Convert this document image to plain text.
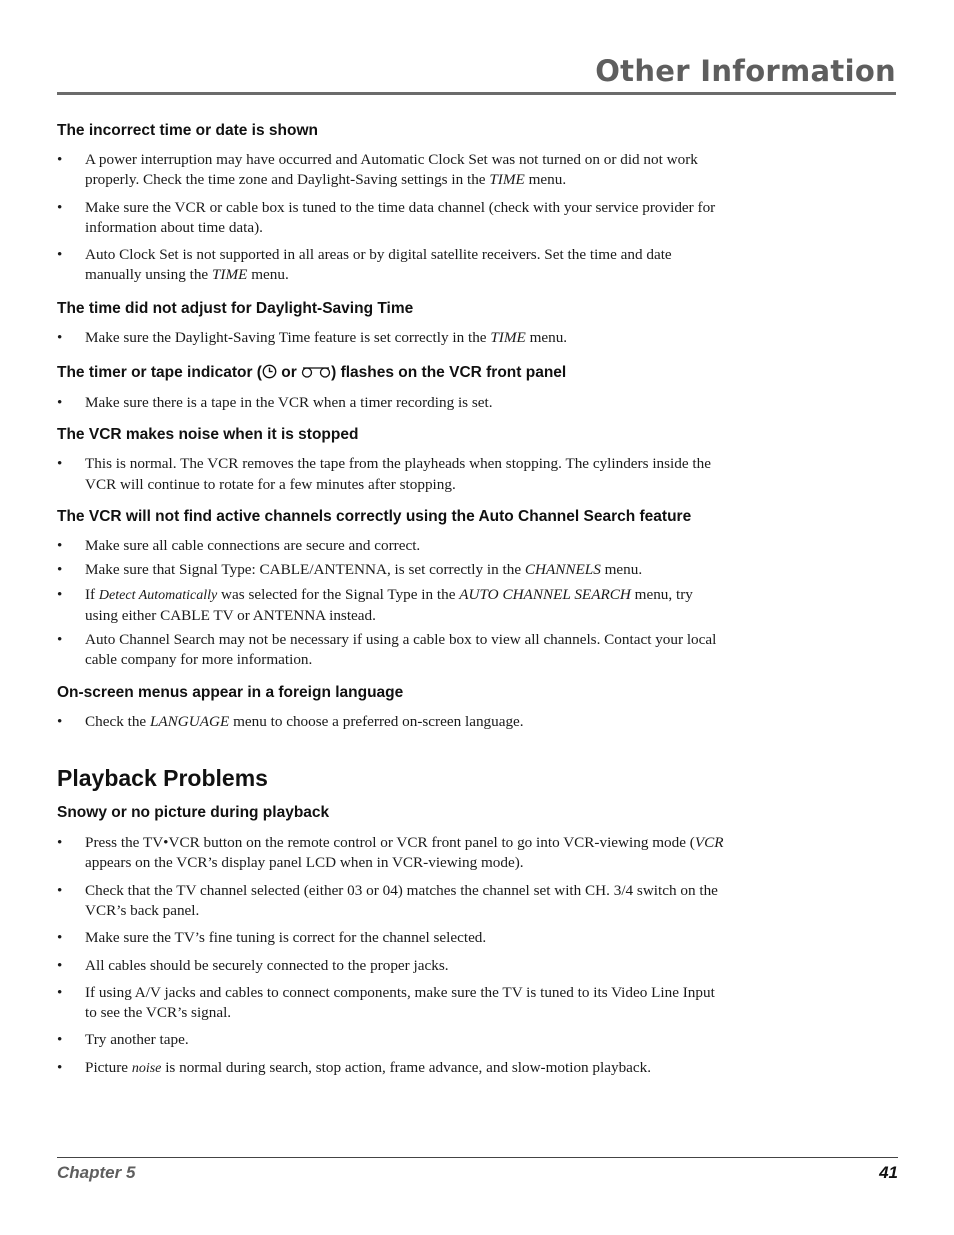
Other Information
The incorrect time or date is shown
• A power interruption may have occurred and Automatic Clock Set was not turned on or did not work properly. Check the time zone and Daylight-Saving settings in the TIME menu.
• Make sure the VCR or cable box is tuned to the time data channel (check with your service provider for information about time data).
• Auto Clock Set is not supported in all areas or by digital satellite receivers. Set the time and date manually unsing the TIME menu.
The time did not adjust for Daylight-Saving Time
• Make sure the Daylight-Saving Time feature is set correctly in the TIME menu.
The timer or tape indicator ( or ) flashes on the VCR front panel
• Make sure there is a tape in the VCR when a timer recording is set.
The VCR makes noise when it is stopped
• This is normal. The VCR removes the tape from the playheads when stopping. The cylinders inside the VCR will continue to rotate for a few minutes after stopping.
The VCR will not find active channels correctly using the Auto Channel Search feature
• Make sure all cable connections are secure and correct.
• Make sure that Signal Type: CABLE/ANTENNA, is set correctly in the CHANNELS menu.
• If Detect Automatically was selected for the Signal Type in the AUTO CHANNEL SEARCH menu, try using either CABLE TV or ANTENNA instead.
• Auto Channel Search may not be necessary if using a cable box to view all channels. Contact your local cable company for more information.
On-screen menus appear in a foreign language
• Check the LANGUAGE menu to choose a preferred on-screen language.
Playback Problems
Snowy or no picture during playback
• Press the TV•VCR button on the remote control or VCR front panel to go into VCR-viewing mode (VCR appears on the VCR’s display panel LCD when in VCR-viewing mode).
• Check that the TV channel selected (either 03 or 04) matches the channel set with CH. 3/4 switch on the VCR’s back panel.
• Make sure the TV’s fine tuning is correct for the channel selected.
• All cables should be securely connected to the proper jacks.
• If using A/V jacks and cables to connect components, make sure the TV is tuned to its Video Line Input to see the VCR’s signal.
• Try another tape.
• Picture noise is normal during search, stop action, frame advance, and slow-motion playback.
Chapter 5	41
